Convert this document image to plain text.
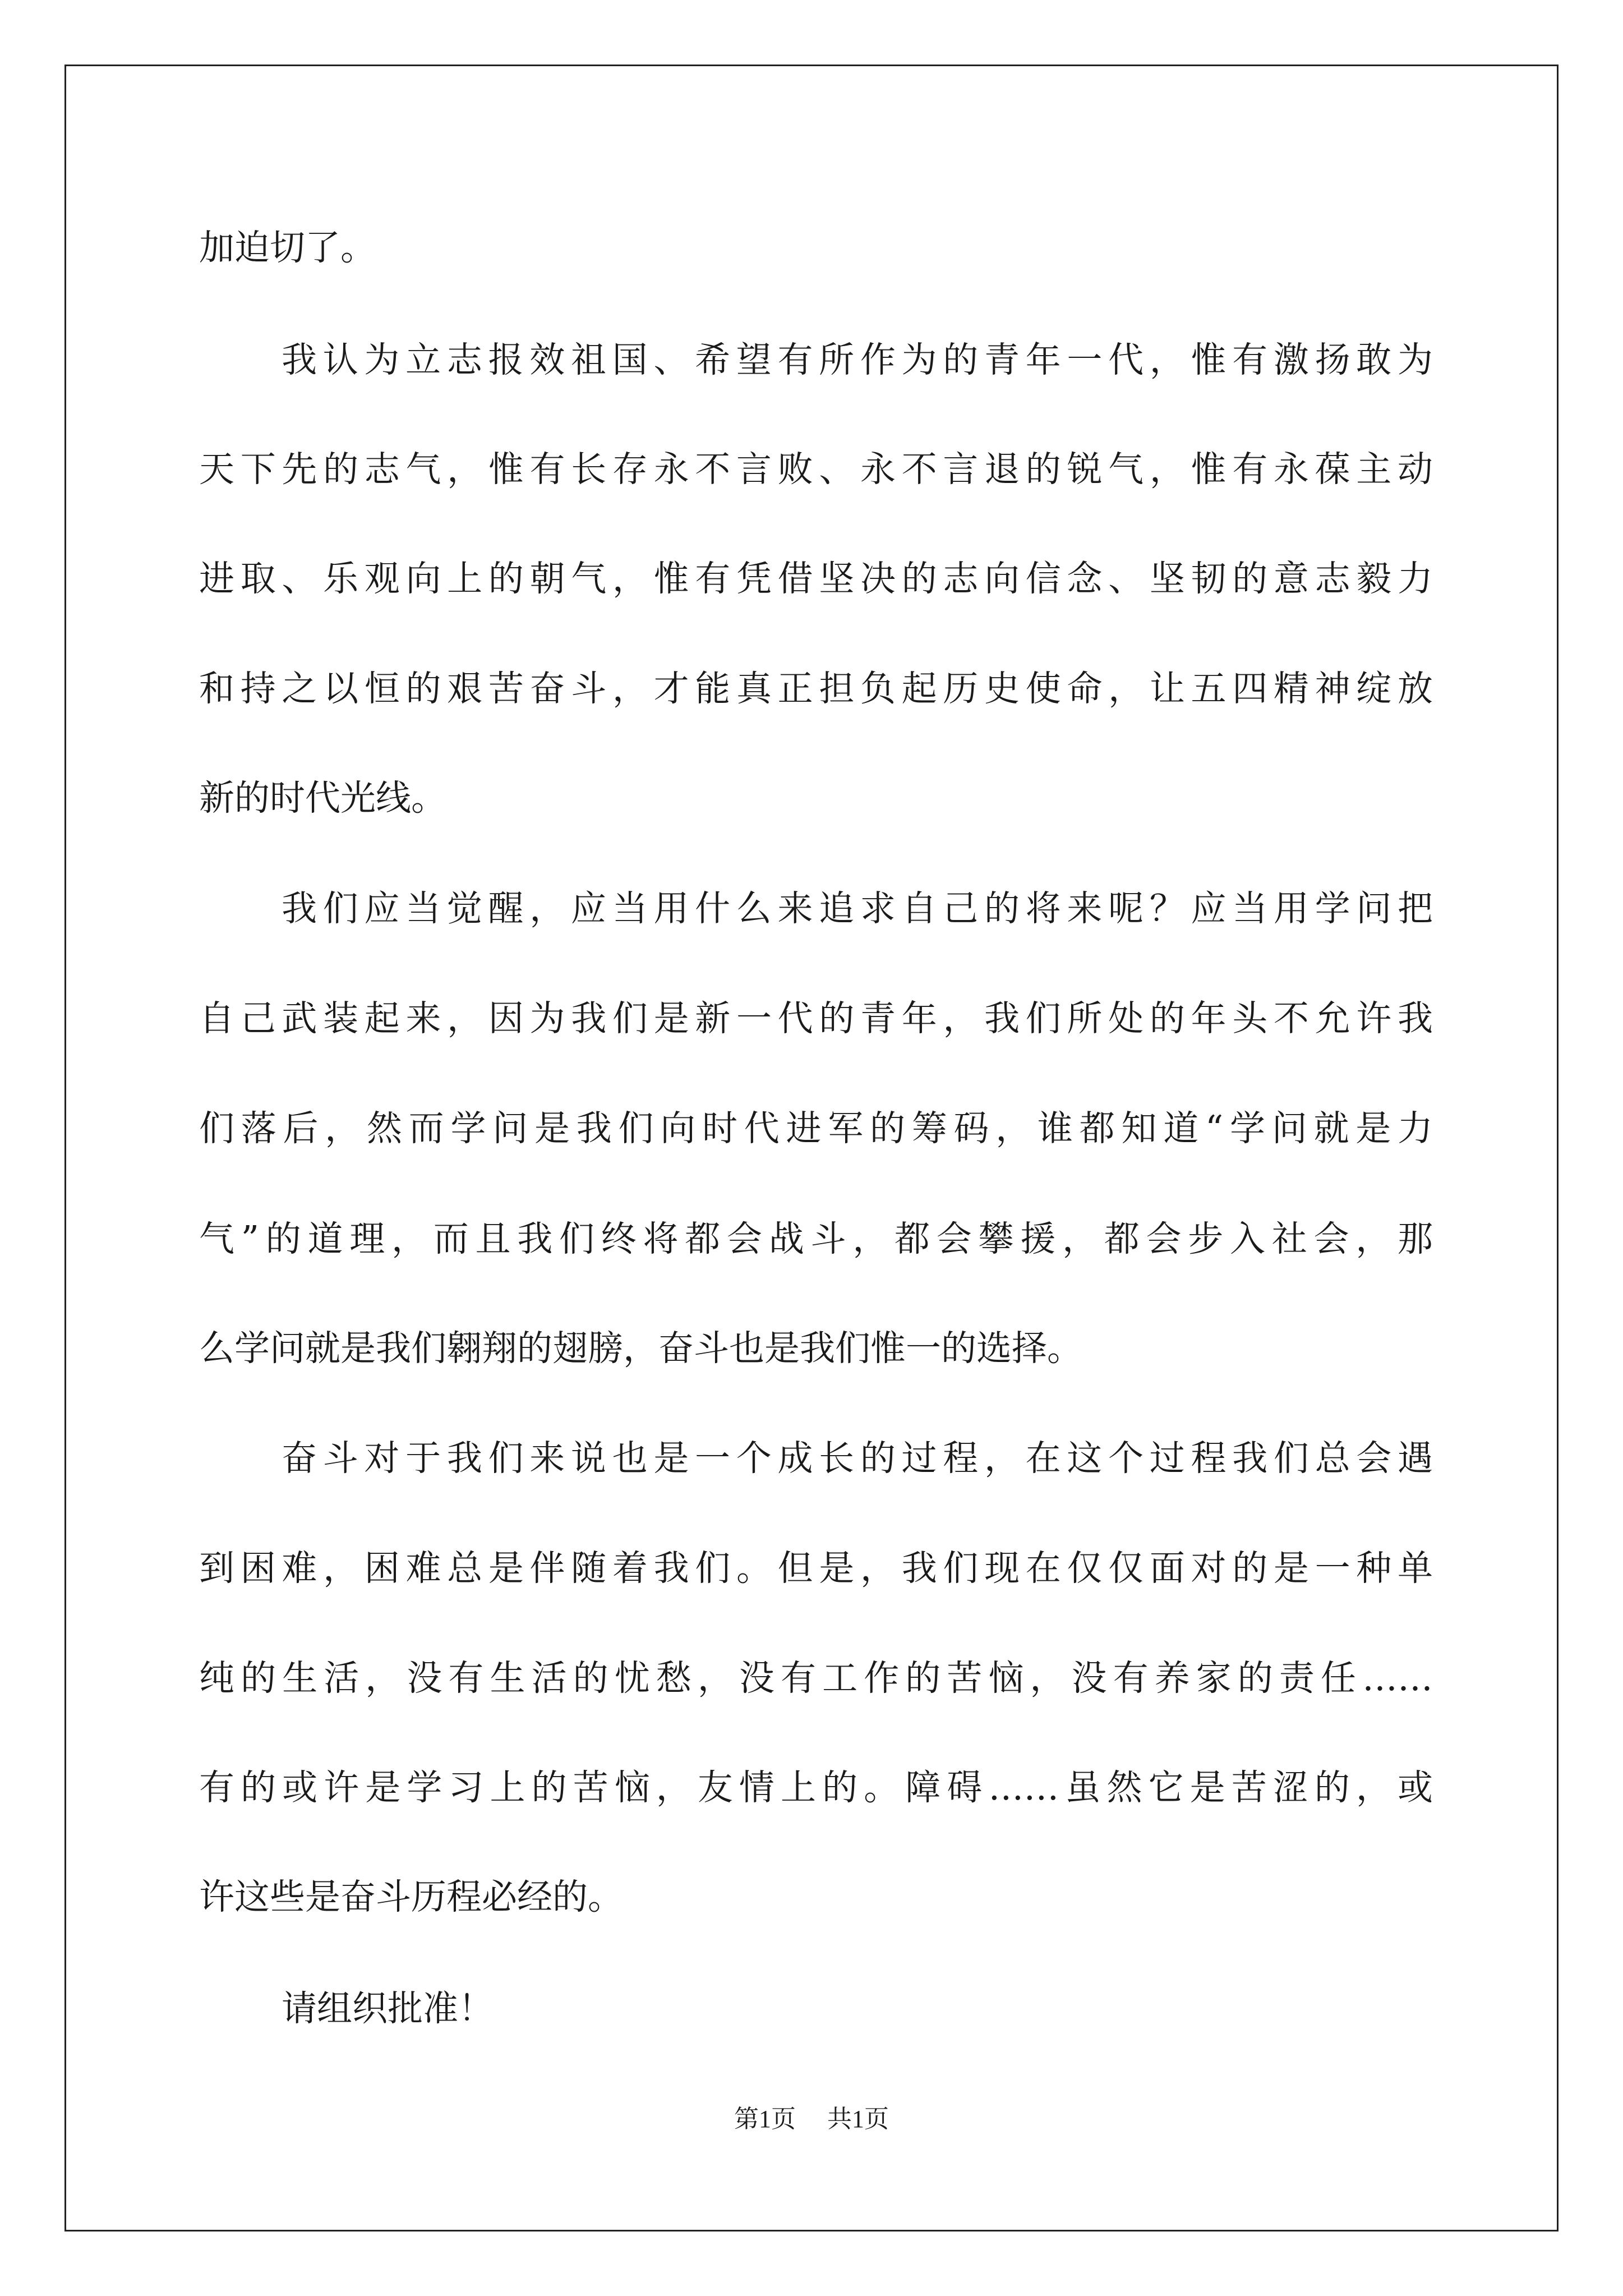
加迫切了。
我认为立志报效祖国、希望有所作为的青年一代，惟有激扬敢为
天下先的志气，惟有长存永不言败、永不言退的锐气，惟有永葆主动
进取、乐观向上的朝气，惟有凭借坚决的志向信念、坚韧的意志毅力
和持之以恒的艰苦奋斗，才能真正担负起历史使命，让五四精神绽放
新的时代光线。
我们应当觉醒，应当用什么来追求自己的将来呢？应当用学问把
自己武装起来，因为我们是新一代的青年，我们所处的年头不允许我
们落后，然而学问是我们向时代进军的筹码，谁都知道“学问就是力
气”的道理，而且我们终将都会战斗，都会攀援，都会步入社会，那
么学问就是我们翱翔的翅膀，奋斗也是我们惟一的选择。
奋斗对于我们来说也是一个成长的过程，在这个过程我们总会遇
到困难，困难总是伴随着我们。但是，我们现在仅仅面对的是一种单
纯的生活，没有生活的忧愁，没有工作的苦恼，没有养家的责任……
有的或许是学习上的苦恼，友情上的。障碍……虽然它是苦涩的，或
许这些是奋斗历程必经的。
请组织批准！
第1页 共1页
